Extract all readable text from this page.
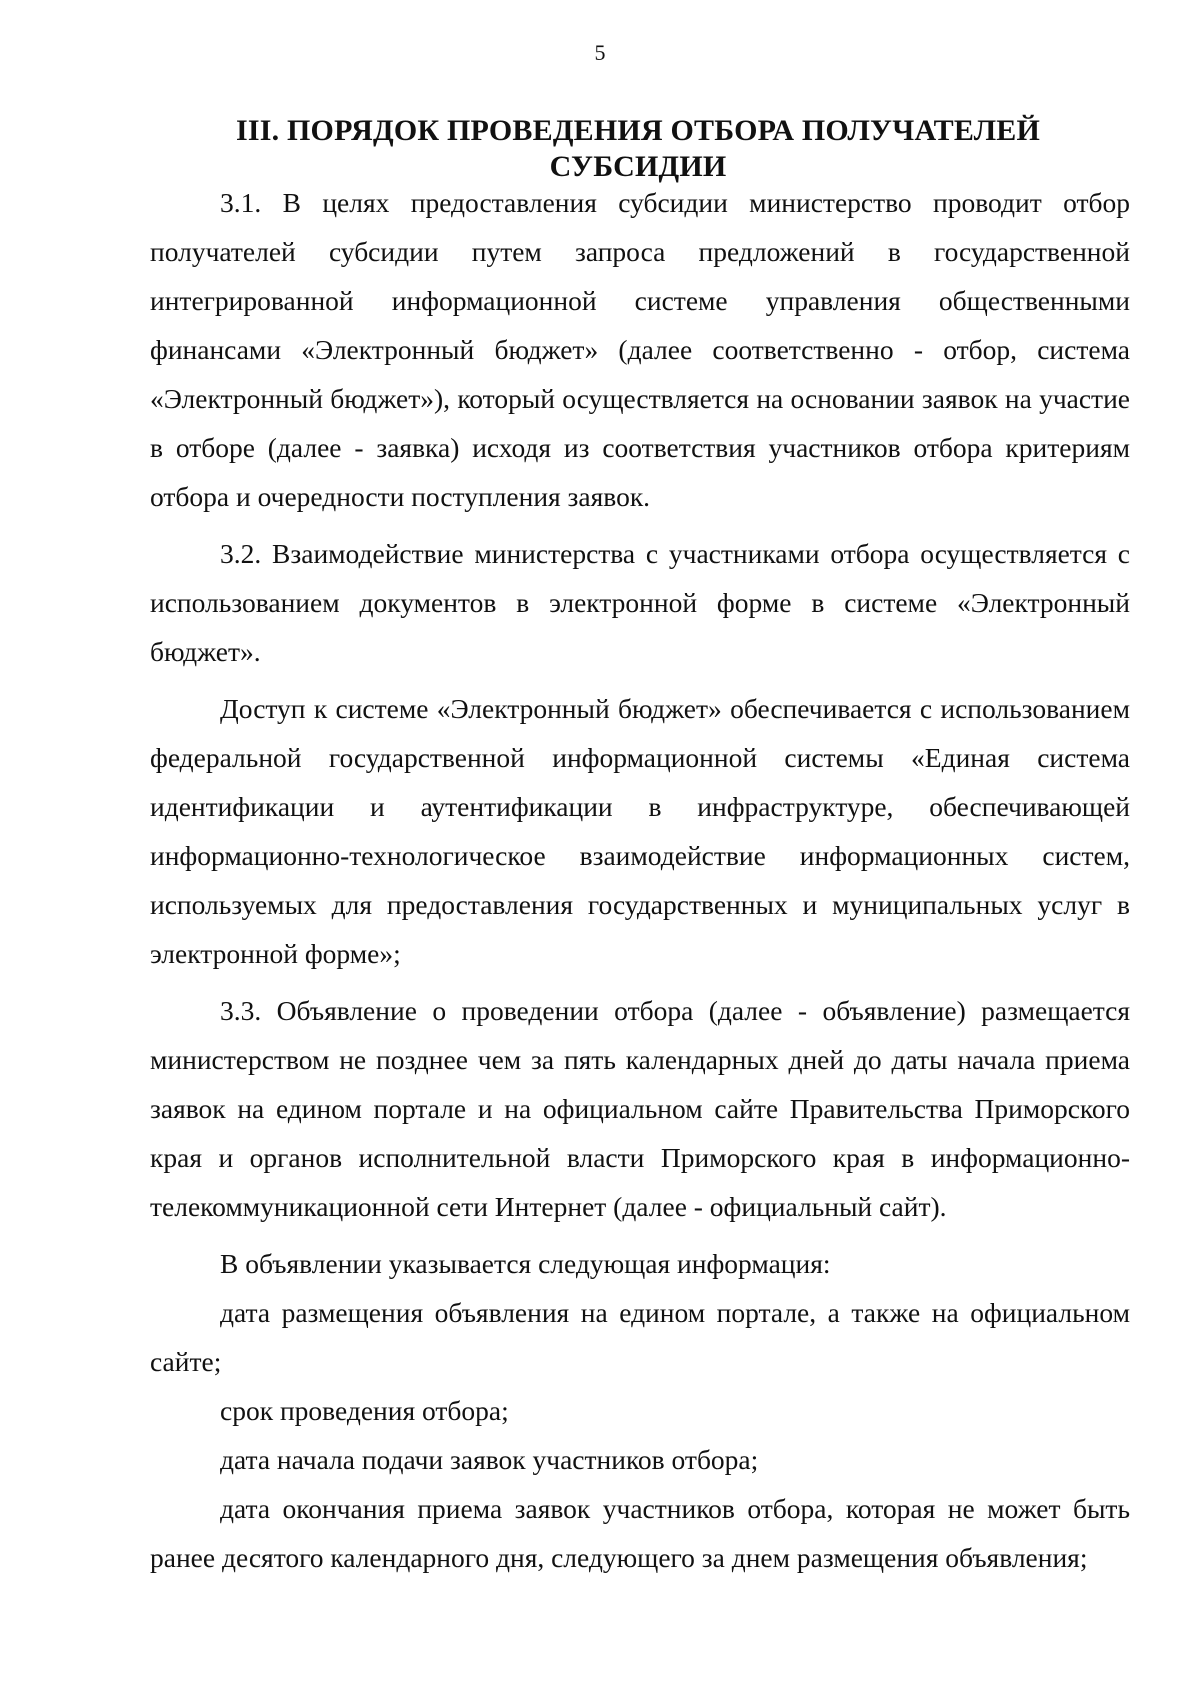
5
III. ПОРЯДОК ПРОВЕДЕНИЯ ОТБОРА ПОЛУЧАТЕЛЕЙ СУБСИДИИ

3.1. В целях предоставления субсидии министерство проводит отбор получателей субсидии путем запроса предложений в государственной интегрированной информационной системе управления общественными финансами «Электронный бюджет» (далее соответственно - отбор, система «Электронный бюджет»), который осуществляется на основании заявок на участие в отборе (далее - заявка) исходя из соответствия участников отбора критериям отбора и очередности поступления заявок.

3.2. Взаимодействие министерства с участниками отбора осуществляется с использованием документов в электронной форме в системе «Электронный бюджет».

Доступ к системе «Электронный бюджет» обеспечивается с использованием федеральной государственной информационной системы «Единая система идентификации и аутентификации в инфраструктуре, обеспечивающей информационно-технологическое взаимодействие информационных систем, используемых для предоставления государственных и муниципальных услуг в электронной форме»;

3.3. Объявление о проведении отбора (далее - объявление) размещается министерством не позднее чем за пять календарных дней до даты начала приема заявок на едином портале и на официальном сайте Правительства Приморского края и органов исполнительной власти Приморского края в информационно-телекоммуникационной сети Интернет (далее - официальный сайт).

В объявлении указывается следующая информация:

дата размещения объявления на едином портале, а также на официальном сайте;

срок проведения отбора;

дата начала подачи заявок участников отбора;

дата окончания приема заявок участников отбора, которая не может быть ранее десятого календарного дня, следующего за днем размещения объявления;
